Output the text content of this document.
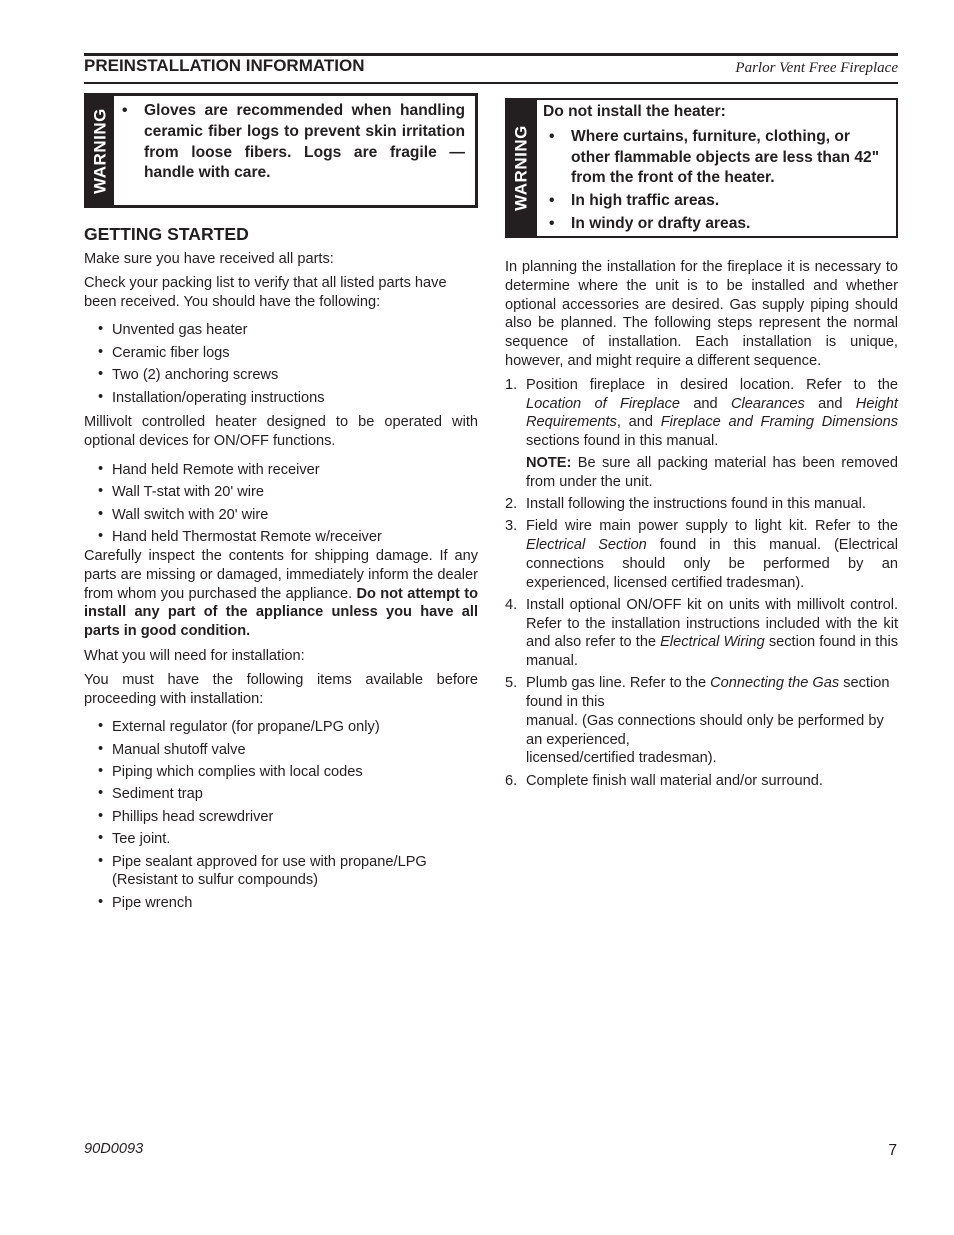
PREINSTALLATION INFORMATION	Parlor Vent Free Fireplace
WARNING
•	Gloves are recommended when handling ceramic fiber logs to prevent skin irritation from loose fibers. Logs are fragile — handle with care.
GETTING STARTED

Make sure you have received all parts:

Check your packing list to verify that all listed parts have been received. You should have the following:

• Unvented gas heater
• Ceramic fiber logs
• Two (2) anchoring screws
• Installation/operating instructions

Millivolt controlled heater designed to be operated with optional devices for ON/OFF functions.

• Hand held Remote with receiver
• Wall T-stat with 20' wire
• Wall switch with 20' wire
• Hand held Thermostat Remote w/receiver

Carefully inspect the contents for shipping damage. If any parts are missing or damaged, immediately inform the dealer from whom you purchased the appliance. Do not attempt to install any part of the appliance unless you have all parts in good condition.

What you will need for installation:

You must have the following items available before proceeding with installation:

• External regulator (for propane/LPG only)
• Manual shutoff valve
• Piping which complies with local codes
• Sediment trap
• Phillips head screwdriver
• Tee joint.
• Pipe sealant approved for use with propane/LPG (Resistant to sulfur compounds)
• Pipe wrench
WARNING
Do not install the heater:
• Where curtains, furniture, clothing, or other flammable objects are less than 42" from the front of the heater.
• In high traffic areas.
• In windy or drafty areas.

In planning the installation for the fireplace it is necessary to determine where the unit is to be installed and whether optional accessories are desired. Gas supply piping should also be planned. The following steps represent the normal sequence of installation. Each installation is unique, however, and might require a different sequence.

1. Position fireplace in desired location. Refer to the Location of Fireplace and Clearances and Height Requirements, and Fireplace and Framing Dimensions sections found in this manual.
NOTE: Be sure all packing material has been removed from under the unit.
2. Install following the instructions found in this manual.
3. Field wire main power supply to light kit. Refer to the Electrical Section found in this manual. (Electrical connections should only be performed by an experienced, licensed certified tradesman).
4. Install optional ON/OFF kit on units with millivolt control. Refer to the installation instructions included with the kit and also refer to the Electrical Wiring section found in this manual.
5. Plumb gas line. Refer to the Connecting the Gas section found in this
manual. (Gas connections should only be performed by an experienced,
licensed/certified tradesman).
6. Complete finish wall material and/or surround.
90D0093	7
